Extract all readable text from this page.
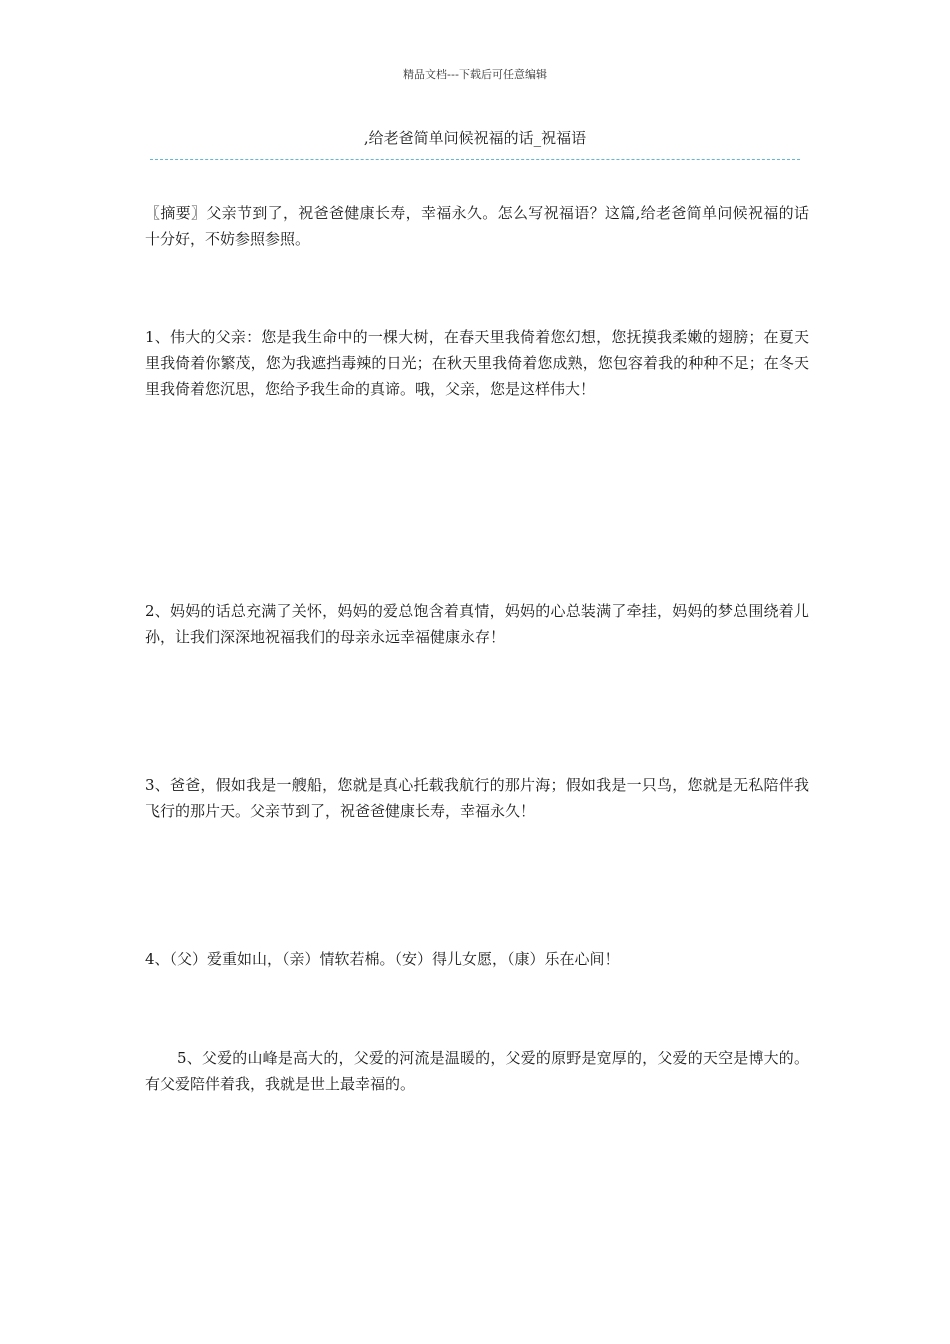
精品文档---下载后可任意编辑
,给老爸简单问候祝福的话_祝福语

〖摘要〗父亲节到了，祝爸爸健康长寿，幸福永久。怎么写祝福语？这篇,给老爸简单问候祝福的话十分好，不妨参照参照。

1、伟大的父亲：您是我生命中的一棵大树，在春天里我倚着您幻想，您抚摸我柔嫩的翅膀；在夏天里我倚着你繁茂，您为我遮挡毒辣的日光；在秋天里我倚着您成熟，您包容着我的种种不足；在冬天里我倚着您沉思，您给予我生命的真谛。哦，父亲，您是这样伟大！

2、妈妈的话总充满了关怀，妈妈的爱总饱含着真情，妈妈的心总装满了牵挂，妈妈的梦总围绕着儿孙，让我们深深地祝福我们的母亲永远幸福健康永存！

3、爸爸，假如我是一艘船，您就是真心托载我航行的那片海；假如我是一只鸟，您就是无私陪伴我飞行的那片天。父亲节到了，祝爸爸健康长寿，幸福永久！

4、（父）爱重如山，（亲）情软若棉。（安）得儿女愿，（康）乐在心间！

5、父爱的山峰是高大的，父爱的河流是温暖的，父爱的原野是宽厚的，父爱的天空是博大的。有父爱陪伴着我，我就是世上最幸福的。
